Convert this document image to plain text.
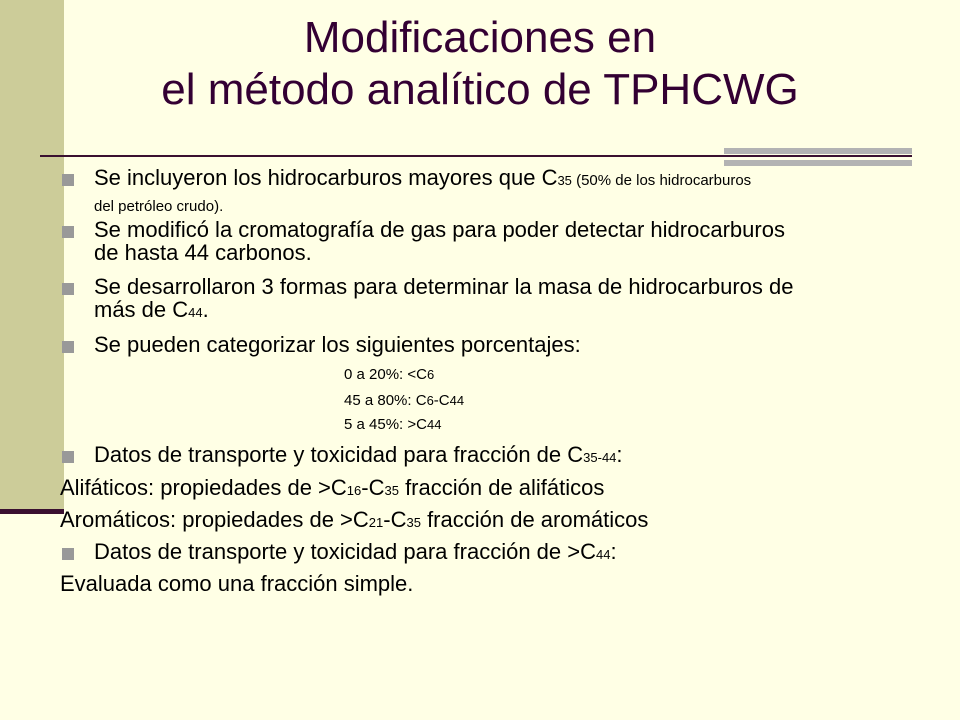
Modificaciones en
el método analítico de TPHCWG
Se incluyeron los hidrocarburos mayores que C35 (50% de los hidrocarburos
del petróleo crudo).
Se modificó la cromatografía de gas para poder detectar hidrocarburos
de hasta 44 carbonos.
Se desarrollaron 3 formas para determinar la masa de hidrocarburos de
más de C44.
Se pueden categorizar los siguientes porcentajes:
0 a 20%: <C6
45 a 80%: C6-C44
5 a 45%: >C44
Datos de transporte y toxicidad para fracción de C35-44:
Alifáticos: propiedades de >C16-C35 fracción de alifáticos
Aromáticos: propiedades de >C21-C35 fracción de aromáticos
Datos de transporte y toxicidad para fracción de >C44:
Evaluada como una fracción simple.
